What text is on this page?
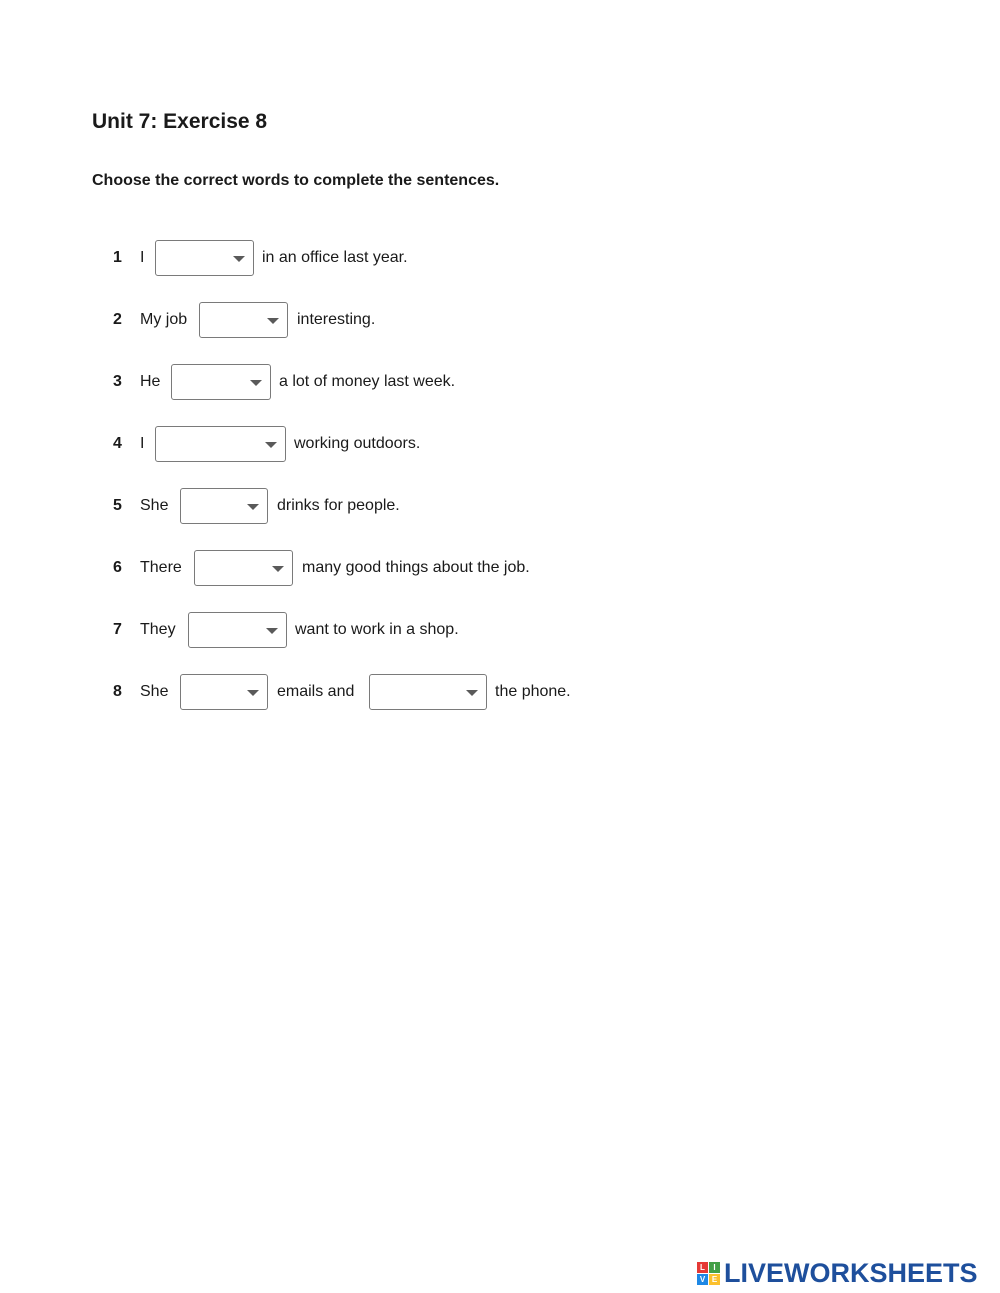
Unit 7: Exercise 8

Choose the correct words to complete the sentences.

1 I	in an office last year.
2 My job	interesting.
3 He	a lot of money last week.
4 I	working outdoors.
5 She	drinks for people.
6 There	many good things about the job.
7 They	want to work in a shop.
8 She	emails and	the phone.
L	I
V E LIVEWORKSHEETS
